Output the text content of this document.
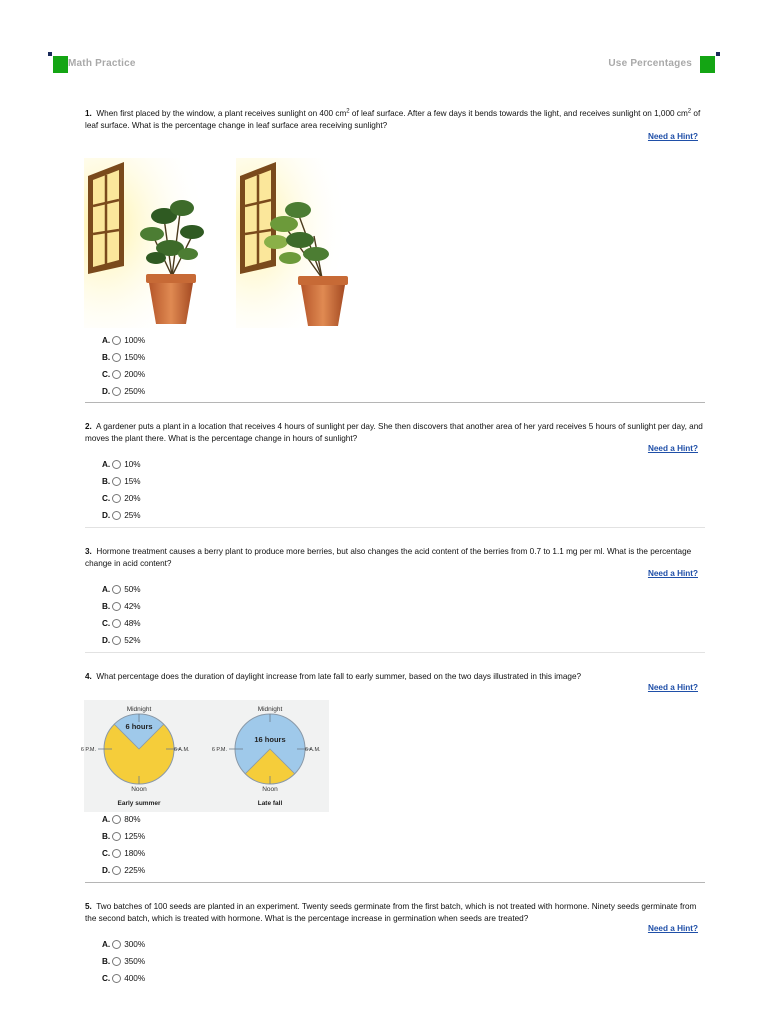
Math Practice	Use Percentages
1. When first placed by the window, a plant receives sunlight on 400 $cm^2$ of leaf surface. After a few days it bends towards the light, and receives sunlight on 1,000 $cm^2$ of leaf surface. What is the percentage change in leaf surface area receiving sunlight?
Need a Hint?
A. 100%
B. 150%
C. 200%
D. 250%
2. A gardener puts a plant in a location that receives 4 hours of sunlight per day. She then discovers that another area of her yard receives 5 hours of sunlight per day, and moves the plant there. What is the percentage change in hours of sunlight?
Need a Hint?
A. 10%
B. 15%
C. 20%
D. 25%
3. Hormone treatment causes a berry plant to produce more berries, but also changes the acid content of the berries from 0.7 to 1.1 mg per ml. What is the percentage change in acid content?
Need a Hint?
A. 50%
B. 42%
C. 48%
D. 52%
4. What percentage does the duration of daylight increase from late fall to early summer, based on the two days illustrated in this image?
Need a Hint?
Midnight
6 hours
6 P.M.	6 A.M.
Noon
Early summer
Midnight
16 hours
6 P.M.	6 A.M.
Noon
Late fall
A. 80%
B. 125%
C. 180%
D. 225%
5. Two batches of 100 seeds are planted in an experiment. Twenty seeds germinate from the first batch, which is not treated with hormone. Ninety seeds germinate from the second batch, which is treated with hormone. What is the percentage increase in germination when seeds are treated?
Need a Hint?
A. 300%
B. 350%
C. 400%
